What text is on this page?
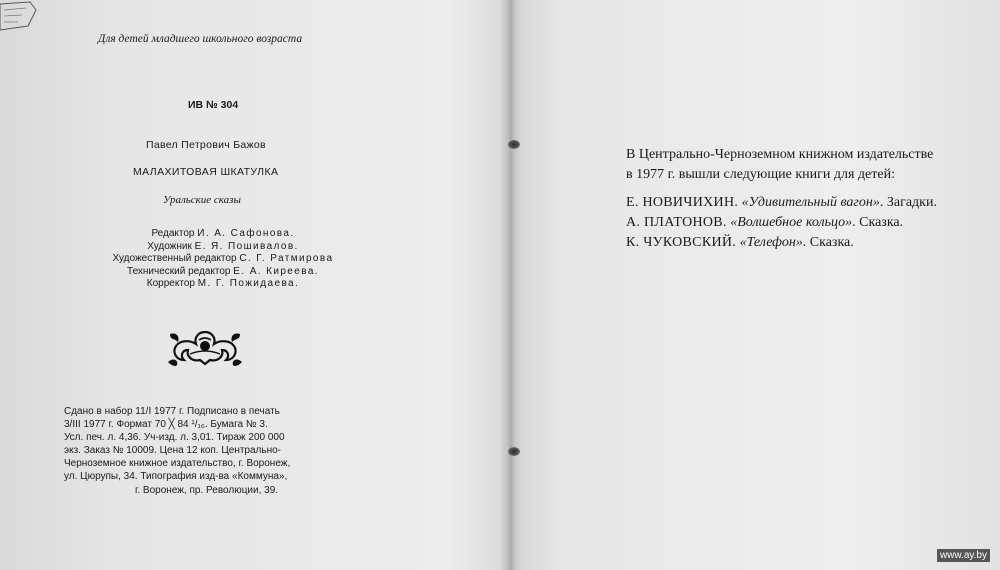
Для детей младшего школьного возраста

ИВ № 304

Павел Петрович Бажов

МАЛАХИТОВАЯ ШКАТУЛКА

Уральские сказы

Редактор И. А. Сафонова.
Художник Е. Я. Пошивалов.
Художественный редактор С. Г. Ратмирова
Технический редактор Е. А. Киреева.
Корректор М. Г. Пожидаева.
Сдано в набор 11/I 1977 г. Подписано в печать
3/III 1977 г. Формат 70 ╳ 84 ¹/₁₆. Бумага № 3.
Усл. печ. л. 4,36. Уч-изд. л. 3,01. Тираж 200 000
экз. Заказ № 10009. Цена 12 коп. Центрально-
Черноземное книжное издательство, г. Воронеж,
ул. Цюрупы, 34. Типография изд-ва «Коммуна»,
г. Воронеж, пр. Революции, 39.
В Центрально-Черноземном книжном издательстве
в 1977 г. вышли следующие книги для детей:
Е. НОВИЧИХИН. «Удивительный вагон». Загадки.
А. ПЛАТОНОВ. «Волшебное кольцо». Сказка.
К. ЧУКОВСКИЙ. «Телефон». Сказка.
www.ay.by
